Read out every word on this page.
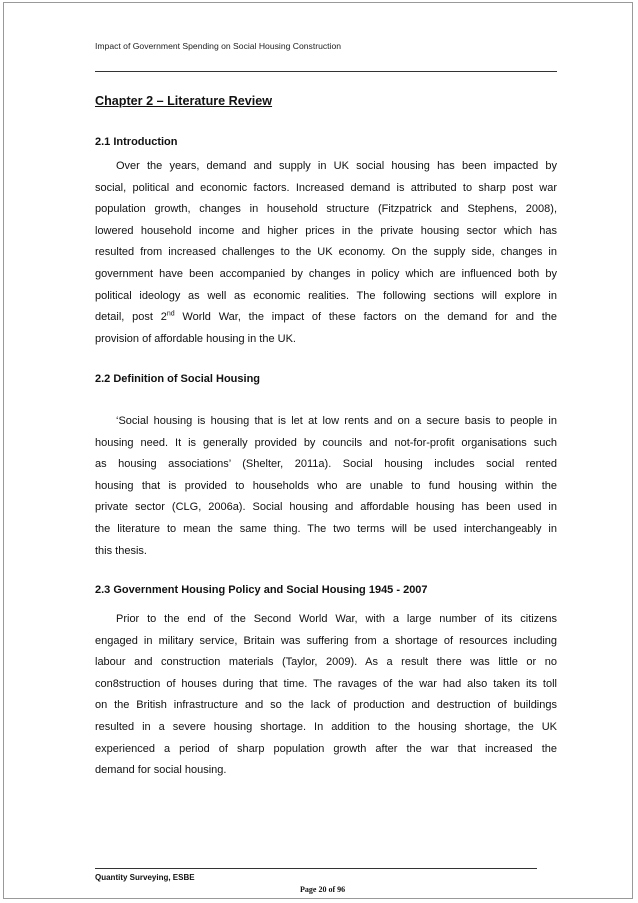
Impact of Government Spending on Social Housing Construction
Chapter 2 – Literature Review
2.1 Introduction
Over the years, demand and supply in UK social housing has been impacted by
social, political and economic factors. Increased demand is attributed to sharp post war
population growth, changes in household structure (Fitzpatrick and Stephens, 2008),
lowered household income and higher prices in the private housing sector which has
resulted from increased challenges to the UK economy. On the supply side, changes in
government have been accompanied by changes in policy which are influenced both by
political ideology as well as economic realities. The following sections will explore in
detail, post 2nd World War, the impact of these factors on the demand for and the
provision of affordable housing in the UK.
2.2 Definition of Social Housing
‘Social housing is housing that is let at low rents and on a secure basis to people in
housing need. It is generally provided by councils and not-for-profit organisations such
as housing associations’ (Shelter, 2011a). Social housing includes social rented
housing that is provided to households who are unable to fund housing within the
private sector (CLG, 2006a). Social housing and affordable housing has been used in
the literature to mean the same thing. The two terms will be used interchangeably in
this thesis.
2.3 Government Housing Policy and Social Housing 1945 - 2007
Prior to the end of the Second World War, with a large number of its citizens
engaged in military service, Britain was suffering from a shortage of resources including
labour and construction materials (Taylor, 2009). As a result there was little or no
con8struction of houses during that time. The ravages of the war had also taken its toll
on the British infrastructure and so the lack of production and destruction of buildings
resulted in a severe housing shortage. In addition to the housing shortage, the UK
experienced a period of sharp population growth after the war that increased the
demand for social housing.
Quantity Surveying, ESBE
Page 20 of 96
